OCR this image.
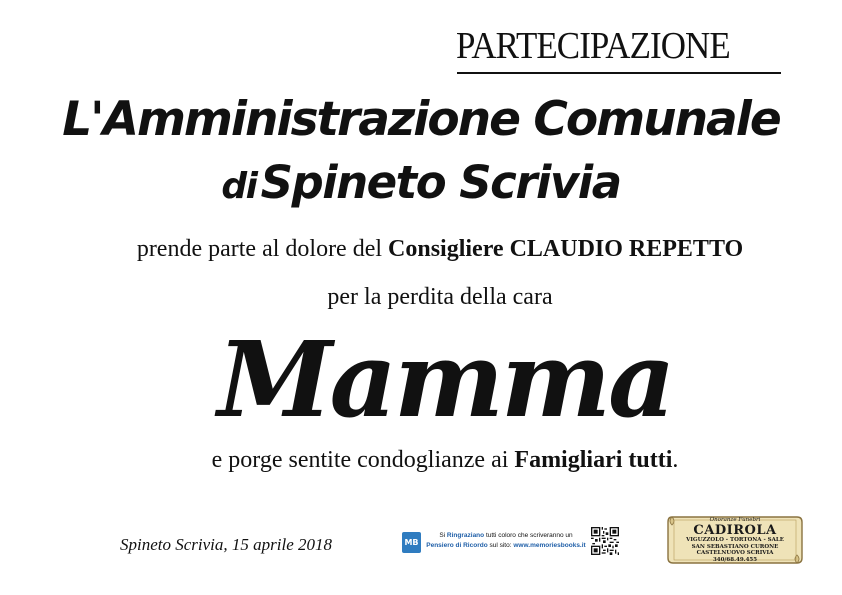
PARTECIPAZIONE
L'Amministrazione Comunale
di Spineto Scrivia
prende parte al dolore del Consigliere CLAUDIO REPETTO
per la perdita della cara
Mamma
e porge sentite condoglianze ai Famigliari tutti.
Spineto Scrivia, 15 aprile 2018	MB
Si Ringraziano tutti coloro che scriveranno un
Pensiero di Ricordo sul sito: www.memoriesbooks.it
Onoranze Funebri
CADIROLA
VIGUZZOLO - TORTONA - SALE
SAN SEBASTIANO CURONE
CASTELNUOVO SCRIVIA
340/68.49.455
